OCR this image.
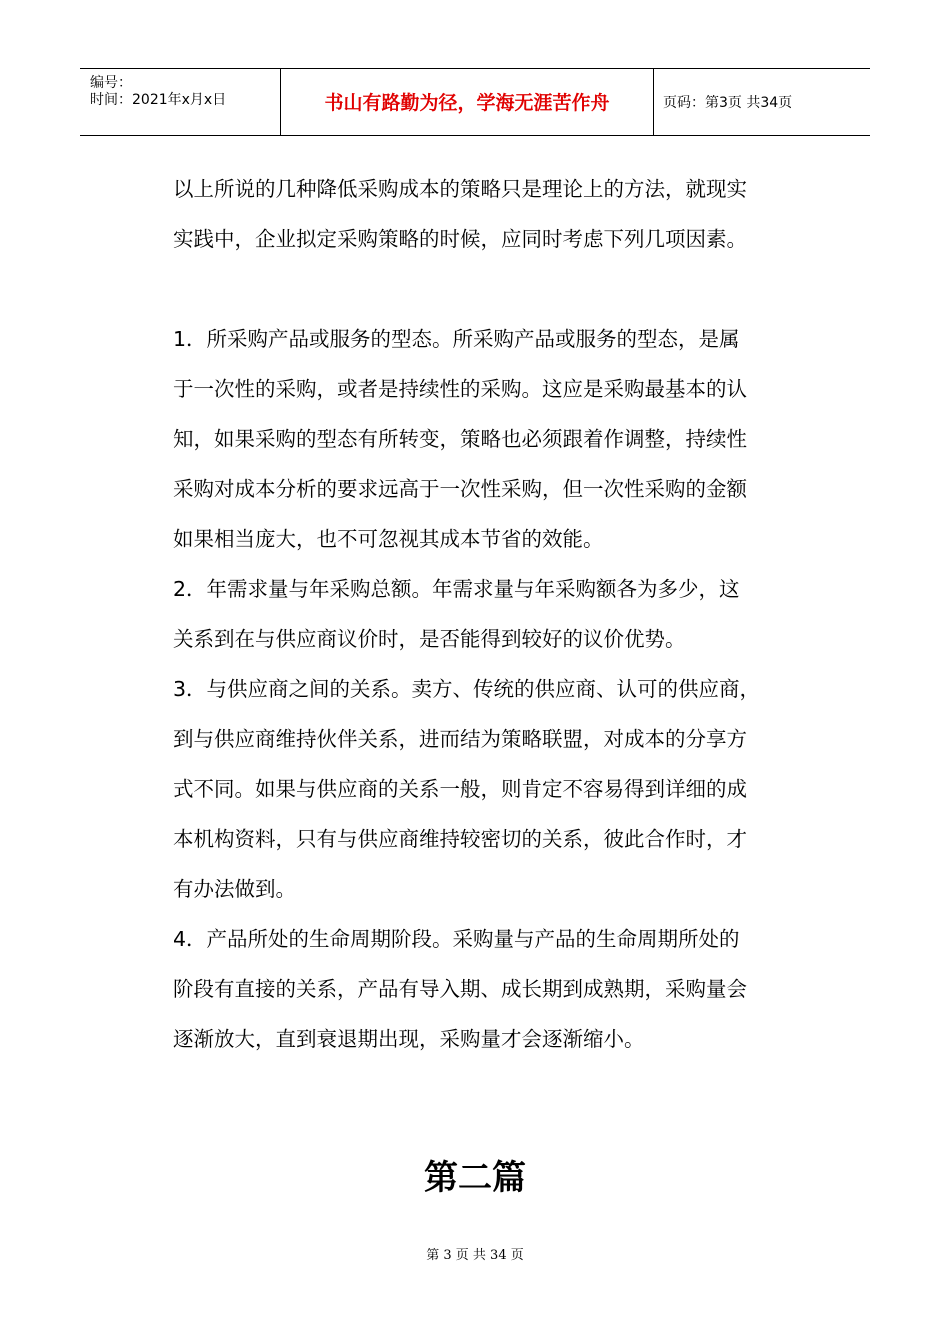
编号：
时间：2021年x月x日	书山有路勤为径，学海无涯苦作舟	页码：第3页 共34页

以上所说的几种降低采购成本的策略只是理论上的方法，就现实

实践中，企业拟定采购策略的时候，应同时考虑下列几项因素。

1．所采购产品或服务的型态。所采购产品或服务的型态，是属

于一次性的采购，或者是持续性的采购。这应是采购最基本的认

知，如果采购的型态有所转变，策略也必须跟着作调整，持续性

采购对成本分析的要求远高于一次性采购，但一次性采购的金额

如果相当庞大，也不可忽视其成本节省的效能。

2．年需求量与年采购总额。年需求量与年采购额各为多少，这

关系到在与供应商议价时，是否能得到较好的议价优势。

3．与供应商之间的关系。卖方、传统的供应商、认可的供应商，

到与供应商维持伙伴关系，进而结为策略联盟，对成本的分享方

式不同。如果与供应商的关系一般，则肯定不容易得到详细的成

本机构资料，只有与供应商维持较密切的关系，彼此合作时，才

有办法做到。

4．产品所处的生命周期阶段。采购量与产品的生命周期所处的

阶段有直接的关系，产品有导入期、成长期到成熟期，采购量会

逐渐放大，直到衰退期出现，采购量才会逐渐缩小。

第二篇
第 3 页 共 34 页
